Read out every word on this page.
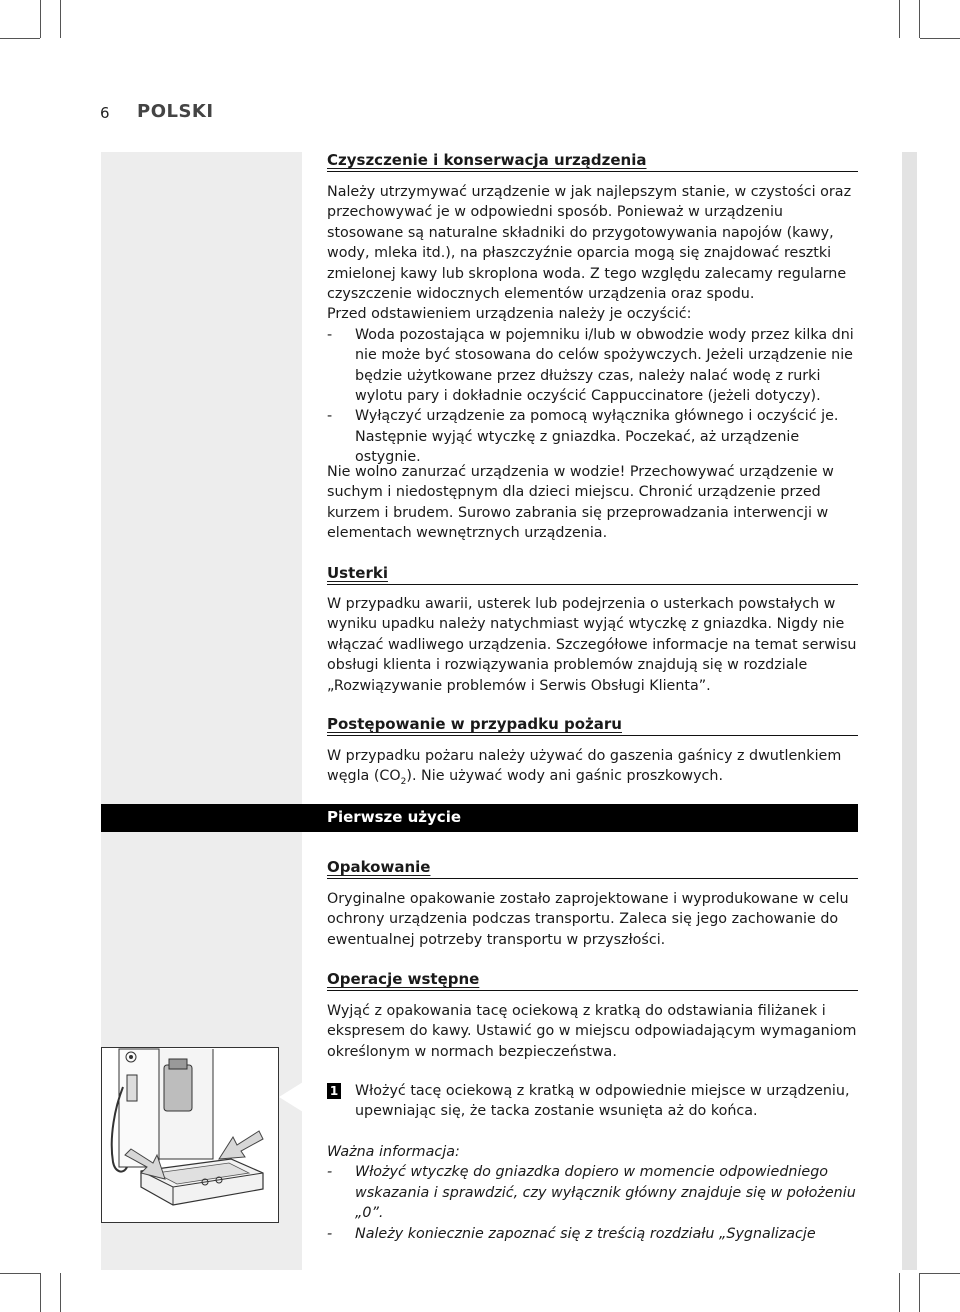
6 POLSKI
Czyszczenie i konserwacja urządzenia

Należy utrzymywać urządzenie w jak najlepszym stanie, w czystości oraz przechowywać je w odpowiedni sposób. Ponieważ w urządzeniu stosowane są naturalne składniki do przygotowywania napojów (kawy, wody, mleka itd.), na płaszczyźnie oparcia mogą się znajdować resztki zmielonej kawy lub skroplona woda. Z tego względu zalecamy regularne czyszczenie widocznych elementów urządzenia oraz spodu.

Przed odstawieniem urządzenia należy je oczyścić:

- Woda pozostająca w pojemniku i/lub w obwodzie wody przez kilka dni nie może być stosowana do celów spożywczych. Jeżeli urządzenie nie będzie użytkowane przez dłuższy czas, należy nalać wodę z rurki wylotu pary i dokładnie oczyścić Cappuccinatore (jeżeli dotyczy).
- Wyłączyć urządzenie za pomocą wyłącznika głównego i oczyścić je. Następnie wyjąć wtyczkę z gniazdka. Poczekać, aż urządzenie ostygnie.

Nie wolno zanurzać urządzenia w wodzie! Przechowywać urządzenie w suchym i niedostępnym dla dzieci miejscu. Chronić urządzenie przed kurzem i brudem. Surowo zabrania się przeprowadzania interwencji w elementach wewnętrznych urządzenia.

Usterki

W przypadku awarii, usterek lub podejrzenia o usterkach powstałych w wyniku upadku należy natychmiast wyjąć wtyczkę z gniazdka. Nigdy nie włączać wadliwego urządzenia. Szczegółowe informacje na temat serwisu obsługi klienta i rozwiązywania problemów znajdują się w rozdziale „Rozwiązywanie problemów i Serwis Obsługi Klienta”.

Postępowanie w przypadku pożaru

W przypadku pożaru należy używać do gaszenia gaśnicy z dwutlenkiem węgla $(CO_2)$. Nie używać wody ani gaśnic proszkowych.

Pierwsze użycie
Opakowanie

Oryginalne opakowanie zostało zaprojektowane i wyprodukowane w celu ochrony urządzenia podczas transportu. Zaleca się jego zachowanie do ewentualnej potrzeby transportu w przyszłości.

Operacje wstępne

Wyjąć z opakowania tacę ociekową z kratką do odstawiania filiżanek i ekspresem do kawy. Ustawić go w miejscu odpowiadającym wymaganiom określonym w normach bezpieczeństwa.

1 Włożyć tacę ociekową z kratką w odpowiednie miejsce w urządzeniu, upewniając się, że tacka zostanie wsunięta aż do końca.

Ważna informacja:

- Włożyć wtyczkę do gniazdka dopiero w momencie odpowiedniego wskazania i sprawdzić, czy wyłącznik główny znajduje się w położeniu „0”.
- Należy koniecznie zapoznać się z treścią rozdziału „Sygnalizacje
